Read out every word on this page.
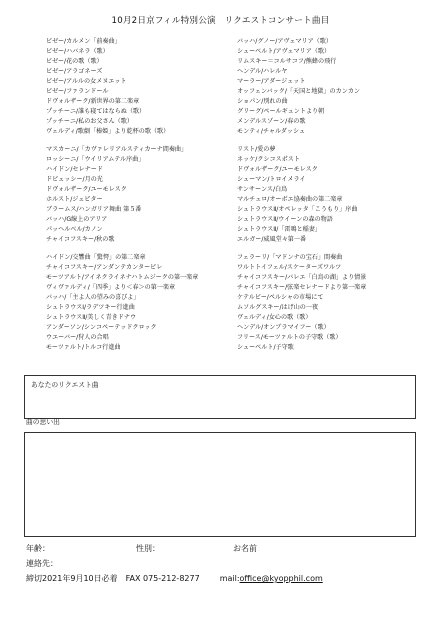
10月2日京フィル特別公演　リクエストコンサート曲目
ビゼー/カルメン「前奏曲」
ビゼー/ハバネラ（歌）
ビゼー/花の歌（歌）
ビゼー/アラゴネーズ
ビゼー/アルルの女メヌエット
ビゼー/ファランドール
ドヴォルザーク/新世界の第二楽章
プッチーニ/誰も寝てはならぬ（歌）
プッチーニ/私のお父さん（歌）
ヴェルディ/歌劇「椿姫」より乾杯の歌（歌）
マスカーニ/「カヴァレリアルスティカーナ間奏曲」
ロッシーニ/「ウイリアムテル序曲」
ハイドン/セレナード
ドビュッシー/月の光
ドヴォルザーク/ユーモレスク
ホルスト/ジュピター
ブラームス/ハンガリア舞曲 第５番
バッハ/G線上のアリア
パッヘルベル/カノン
チャイコフスキー/秋の歌
ハイドン/交響曲「驚愕」の第二楽章
チャイコフスキー/アンダンテカンタービレ
モーツアルト/アイネクライネナハトムジークの第一楽章
ヴィヴァルディ/「四季」より＜春＞の第一楽章
バッハ/「主よ人の望みの喜びよ」
シュトラウスⅠ/ラデツキー行進曲
シュトラウスⅡ/美しく青きドナウ
アンダーソン/シンコペーテッドクロック
ウエーバー/狩人の合唱
モーツァルト/トルコ行進曲
バッハ/グノー/アヴェマリア（歌）
シューベルト/アヴェマリア（歌）
リムスキー＝コルサコフ/熊蜂の飛行
ヘンデル/ハレルヤ
マーラー/アダージェット
オッフェンバック/「天国と地獄」のカンカン
ショパン/別れの曲
グリーグ/ペールギュントより朝
メンデルスゾーン/春の歌
モンティ/チャルダッシュ
リスト/愛の夢
ネッケ/クシコスポスト
ドヴォルザーク/ユーモレスク
シューマン/トロイメライ
サンサーンス/白鳥
マルチェロ/オーボエ協奏曲の第二楽章
シュトラウスⅡ/オペレッタ「こうもり」序曲
シュトラウスⅡ/ウイーンの森の物語
シュトラウスⅡ/「雷鳴と稲妻」
エルガー/威風堂々第一番
フェラーリ/「マドンナの宝石」間奏曲
ワルトトイフェル/スケーターズワルツ
チャイコフスキー/バレエ「白鳥の湖」より情景
チャイコフスキー/弦楽セレナードより第一楽章
ケテルビー/ペルシャの市場にて
ムソルグスキー/はげ山の一夜
ヴェルディ/女心の歌（歌）
ヘンデル/オンブラマイフー（歌）
フリース/モーツァルトの子守歌（歌）
シューベルト/子守歌
あなたのリクエスト曲
曲の思い出
年齢：	性別：	お名前
連絡先：
締切2021年9月10日必着 FAX 075-212-8277	mail:office@kyopphil.com
